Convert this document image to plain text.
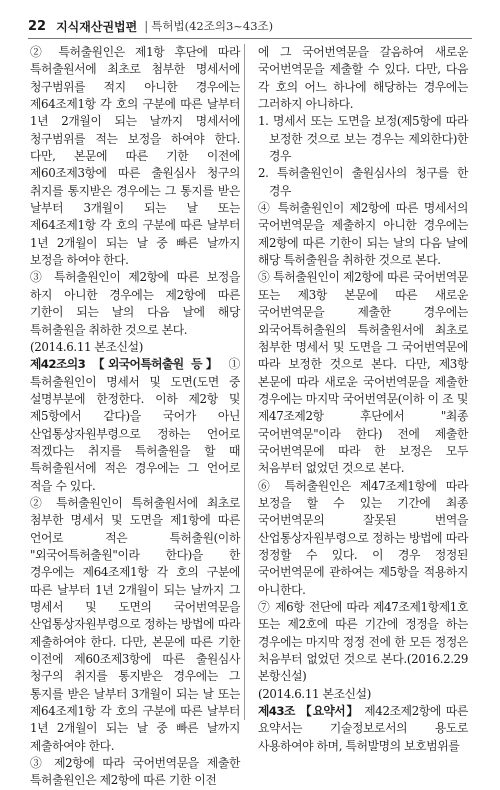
22 지식재산권법편 | 특허법(42조의3~43조)

② 특허출원인은 제1항 후단에 따라 특허출원서에 최초로 첨부한 명세서에 청구범위를 적지 아니한 경우에는 제64조제1항 각 호의 구분에 따른 날부터 1년 2개월이 되는 날까지 명세서에 청구범위를 적는 보정을 하여야 한다. 다만, 본문에 따른 기한 이전에 제60조제3항에 따른 출원심사 청구의 취지를 통지받은 경우에는 그 통지를 받은 날부터 3개월이 되는 날 또는 제64조제1항 각 호의 구분에 따른 날부터 1년 2개월이 되는 날 중 빠른 날까지 보정을 하여야 한다.

③ 특허출원인이 제2항에 따른 보정을 하지 아니한 경우에는 제2항에 따른 기한이 되는 날의 다음 날에 해당 특허출원을 취하한 것으로 본다.

(2014.6.11 본조신설)

제42조의3 【외국어특허출원 등】 ① 특허출원인이 명세서 및 도면(도면 중 설명부분에 한정한다. 이하 제2항 및 제5항에서 같다)을 국어가 아닌 산업통상자원부령으로 정하는 언어로 적겠다는 취지를 특허출원을 할 때 특허출원서에 적은 경우에는 그 언어로 적을 수 있다.

② 특허출원인이 특허출원서에 최초로 첨부한 명세서 및 도면을 제1항에 따른 언어로 적은 특허출원(이하 "외국어특허출원"이라 한다)을 한 경우에는 제64조제1항 각 호의 구분에 따른 날부터 1년 2개월이 되는 날까지 그 명세서 및 도면의 국어번역문을 산업통상자원부령으로 정하는 방법에 따라 제출하여야 한다. 다만, 본문에 따른 기한 이전에 제60조제3항에 따른 출원심사 청구의 취지를 통지받은 경우에는 그 통지를 받은 날부터 3개월이 되는 날 또는 제64조제1항 각 호의 구분에 따른 날부터 1년 2개월이 되는 날 중 빠른 날까지 제출하여야 한다.

③ 제2항에 따라 국어번역문을 제출한 특허출원인은 제2항에 따른 기한 이전

에 그 국어번역문을 갈음하여 새로운 국어번역문을 제출할 수 있다. 다만, 다음 각 호의 어느 하나에 해당하는 경우에는 그러하지 아니하다.

1. 명세서 또는 도면을 보정(제5항에 따라 보정한 것으로 보는 경우는 제외한다)한 경우

2. 특허출원인이 출원심사의 청구를 한 경우

④ 특허출원인이 제2항에 따른 명세서의 국어번역문을 제출하지 아니한 경우에는 제2항에 따른 기한이 되는 날의 다음 날에 해당 특허출원을 취하한 것으로 본다.

⑤ 특허출원인이 제2항에 따른 국어번역문 또는 제3항 본문에 따른 새로운 국어번역문을 제출한 경우에는 외국어특허출원의 특허출원서에 최초로 첨부한 명세서 및 도면을 그 국어번역문에 따라 보정한 것으로 본다. 다만, 제3항 본문에 따라 새로운 국어번역문을 제출한 경우에는 마지막 국어번역문(이하 이 조 및 제47조제2항 후단에서 "최종 국어번역문"이라 한다) 전에 제출한 국어번역문에 따라 한 보정은 모두 처음부터 없었던 것으로 본다.

⑥ 특허출원인은 제47조제1항에 따라 보정을 할 수 있는 기간에 최종 국어번역문의 잘못된 번역을 산업통상자원부령으로 정하는 방법에 따라 정정할 수 있다. 이 경우 정정된 국어번역문에 관하여는 제5항을 적용하지 아니한다.

⑦ 제6항 전단에 따라 제47조제1항제1호 또는 제2호에 따른 기간에 정정을 하는 경우에는 마지막 정정 전에 한 모든 정정은 처음부터 없었던 것으로 본다.(2016.2.29 본항신설)

(2014.6.11 본조신설)

제43조 【요약서】 제42조제2항에 따른 요약서는 기술정보로서의 용도로 사용하여야 하며, 특허발명의 보호범위를
